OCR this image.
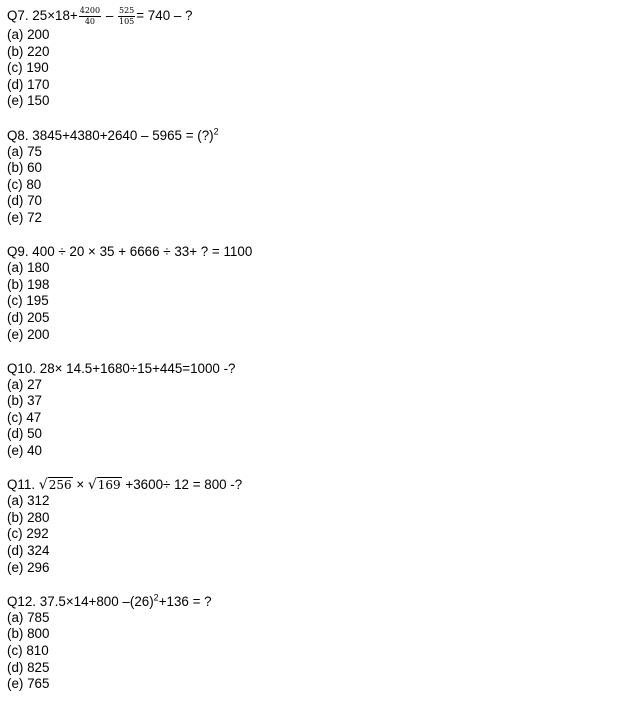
Q7. $25\times 18+ \frac{4200}{40} - \frac{525}{105} = 740$ – ?
(a) 200
(b) 220
(c) 190
(d) 170
(e) 150
Q8. 3845+4380+2640 – 5965 = (?)$^2$
(a) 75
(b) 60
(c) 80
(d) 70
(e) 72
Q9. 400 ÷ 20 × 35 + 6666 ÷ 33+ ? = 1100
(a) 180
(b) 198
(c) 195
(d) 205
(e) 200
Q10. 28× 14.5+1680÷15+445=1000 -?
(a) 27
(b) 37
(c) 47
(d) 50
(e) 40
Q11. √256 × √169 +3600÷ 12 = 800 -?
(a) 312
(b) 280
(c) 292
(d) 324
(e) 296
Q12. 37.5×14+800 $-(26)^2+136$ = ?
(a) 785
(b) 800
(c) 810
(d) 825
(e) 765
